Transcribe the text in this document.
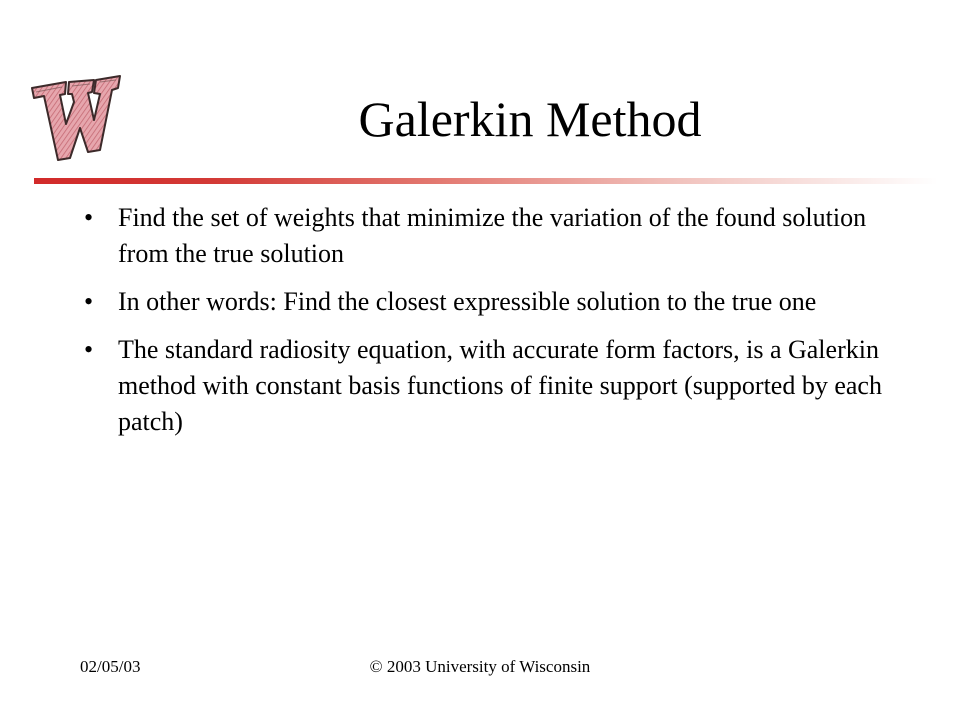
Galerkin Method
• Find the set of weights that minimize the variation of the found solution from the true solution
• In other words: Find the closest expressible solution to the true one
• The standard radiosity equation, with accurate form factors, is a Galerkin method with constant basis functions of finite support (supported by each patch)
© 2003 University of Wisconsin
02/05/03
